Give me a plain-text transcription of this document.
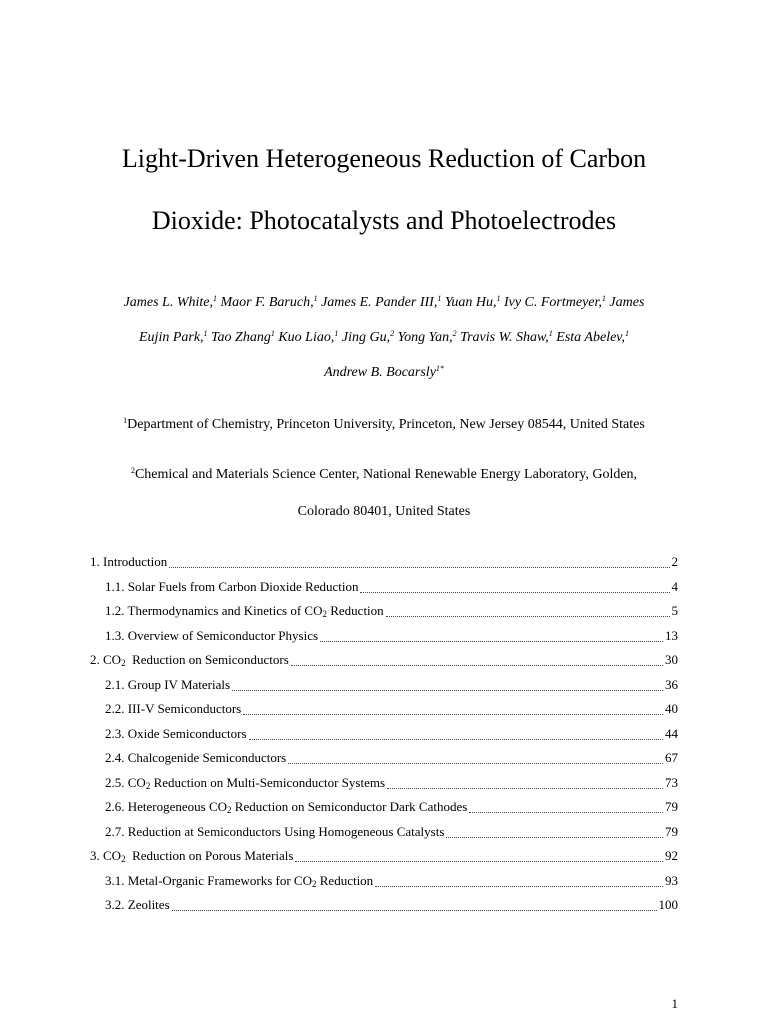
Light-Driven Heterogeneous Reduction of Carbon
Dioxide: Photocatalysts and Photoelectrodes
James L. White,$^1$ Maor F. Baruch,$^1$ James E. Pander III,$^1$ Yuan Hu,$^1$ Ivy C. Fortmeyer,$^1$ James
Eujin Park,$^1$ Tao Zhang$^1$ Kuo Liao,$^1$ Jing Gu,$^2$ Yong Yan,$^2$ Travis W. Shaw,$^1$ Esta Abelev,$^1$
Andrew B. Bocarsly$^{1*}$
$^1$Department of Chemistry, Princeton University, Princeton, New Jersey 08544, United States
$^2$Chemical and Materials Science Center, National Renewable Energy Laboratory, Golden,
Colorado 80401, United States
1. Introduction	2
1.1. Solar Fuels from Carbon Dioxide Reduction	4
1.2. Thermodynamics and Kinetics of $CO_2$ Reduction	5
1.3. Overview of Semiconductor Physics	13
2. $CO_2$  Reduction on Semiconductors	30
2.1. Group IV Materials	36
2.2. III-V Semiconductors	40
2.3. Oxide Semiconductors	44
2.4. Chalcogenide Semiconductors	67
2.5. $CO_2$ Reduction on Multi-Semiconductor Systems	73
2.6. Heterogeneous $CO_2$ Reduction on Semiconductor Dark Cathodes	79
2.7. Reduction at Semiconductors Using Homogeneous Catalysts	79
3. $CO_2$  Reduction on Porous Materials	92
3.1. Metal-Organic Frameworks for $CO_2$ Reduction	93
3.2. Zeolites	100
1
